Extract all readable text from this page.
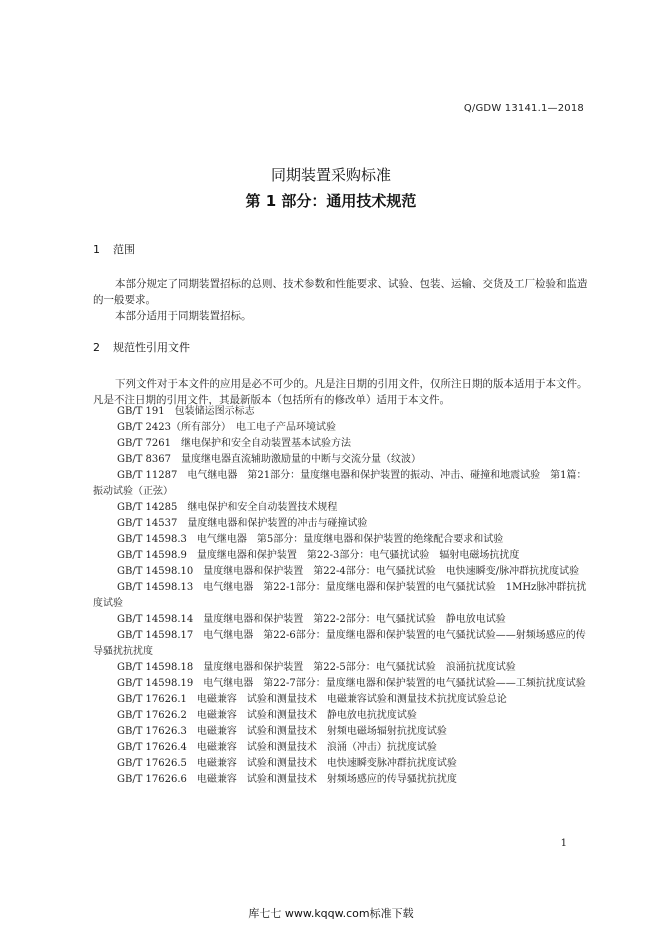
Q/GDW 13141.1—2018
同期装置采购标准
第 1 部分：通用技术规范
1 范围

本部分规定了同期装置招标的总则、技术参数和性能要求、试验、包装、运输、交货及工厂检验和监造的一般要求。

本部分适用于同期装置招标。

2 规范性引用文件

下列文件对于本文件的应用是必不可少的。凡是注日期的引用文件，仅所注日期的版本适用于本文件。凡是不注日期的引用文件，其最新版本（包括所有的修改单）适用于本文件。

GB/T 191　包装储运图示标志

GB/T 2423（所有部分）　电工电子产品环境试验

GB/T 7261　继电保护和安全自动装置基本试验方法

GB/T 8367　量度继电器直流辅助激励量的中断与交流分量（纹波）

GB/T 11287　电气继电器　第21部分：量度继电器和保护装置的振动、冲击、碰撞和地震试验　第1篇：振动试验（正弦）

GB/T 14285　继电保护和安全自动装置技术规程

GB/T 14537　量度继电器和保护装置的冲击与碰撞试验

GB/T 14598.3　电气继电器　第5部分：量度继电器和保护装置的绝缘配合要求和试验

GB/T 14598.9　量度继电器和保护装置　第22-3部分：电气骚扰试验　辐射电磁场抗扰度

GB/T 14598.10　量度继电器和保护装置　第22-4部分：电气骚扰试验　电快速瞬变/脉冲群抗扰度试验

GB/T 14598.13　电气继电器　第22-1部分：量度继电器和保护装置的电气骚扰试验　1MHz脉冲群抗扰度试验

GB/T 14598.14　量度继电器和保护装置　第22-2部分：电气骚扰试验　静电放电试验

GB/T 14598.17　电气继电器　第22-6部分：量度继电器和保护装置的电气骚扰试验——射频场感应的传导骚扰抗扰度

GB/T 14598.18　量度继电器和保护装置　第22-5部分：电气骚扰试验　浪涌抗扰度试验

GB/T 14598.19　电气继电器　第22-7部分：量度继电器和保护装置的电气骚扰试验——工频抗扰度试验

GB/T 17626.1　电磁兼容　试验和测量技术　电磁兼容试验和测量技术抗扰度试验总论

GB/T 17626.2　电磁兼容　试验和测量技术　静电放电抗扰度试验

GB/T 17626.3　电磁兼容　试验和测量技术　射频电磁场辐射抗扰度试验

GB/T 17626.4　电磁兼容　试验和测量技术　浪涌（冲击）抗扰度试验

GB/T 17626.5　电磁兼容　试验和测量技术　电快速瞬变脉冲群抗扰度试验

GB/T 17626.6　电磁兼容　试验和测量技术　射频场感应的传导骚扰抗扰度

1
库七七 www.kqqw.com标准下载
